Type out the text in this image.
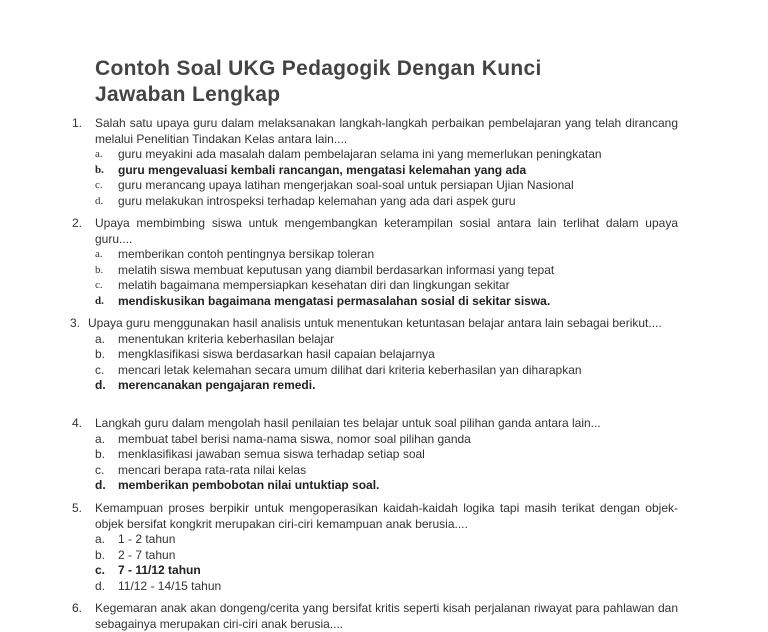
Contoh Soal UKG Pedagogik Dengan Kunci
Jawaban Lengkap
1.	Salah satu upaya guru dalam melaksanakan langkah-langkah perbaikan pembelajaran yang telah dirancang melalui Penelitian Tindakan Kelas antara lain....
a.	guru meyakini ada masalah dalam pembelajaran selama ini yang memerlukan peningkatan
b.	guru mengevaluasi kembali rancangan, mengatasi kelemahan yang ada
c.	guru merancang upaya latihan mengerjakan soal-soal untuk persiapan Ujian Nasional
d.	guru melakukan introspeksi terhadap kelemahan yang ada dari aspek guru
2.	Upaya membimbing siswa untuk mengembangkan keterampilan sosial antara lain terlihat dalam upaya guru....
a.	memberikan contoh pentingnya bersikap toleran
b.	melatih siswa membuat keputusan yang diambil berdasarkan informasi yang tepat
c.	melatih bagaimana mempersiapkan kesehatan diri dan lingkungan sekitar
d.	mendiskusikan bagaimana mengatasi permasalahan sosial di sekitar siswa.
3. Upaya guru menggunakan hasil analisis untuk menentukan ketuntasan belajar antara lain sebagai berikut....
a.	menentukan kriteria keberhasilan belajar
b.	mengklasifikasi siswa berdasarkan hasil capaian belajarnya
c.	mencari letak kelemahan secara umum dilihat dari kriteria keberhasilan yan diharapkan
d.	merencanakan pengajaran remedi.
4.	Langkah guru dalam mengolah hasil penilaian tes belajar untuk soal pilihan ganda antara lain...
a.	membuat tabel berisi nama-nama siswa, nomor soal pilihan ganda
b.	menklasifikasi jawaban semua siswa terhadap setiap soal
c.	mencari berapa rata-rata nilai kelas
d.	memberikan pembobotan nilai untuktiap soal.
5.	Kemampuan proses berpikir untuk mengoperasikan kaidah-kaidah logika tapi masih terikat dengan objek-objek bersifat kongkrit merupakan ciri-ciri kemampuan anak berusia....
a.	1 - 2 tahun
b.	2 - 7 tahun
c.	7 - 11/12 tahun
d.	11/12 - 14/15 tahun
6.	Kegemaran anak akan dongeng/cerita yang bersifat kritis seperti kisah perjalanan riwayat para pahlawan dan sebagainya merupakan ciri-ciri anak berusia....
